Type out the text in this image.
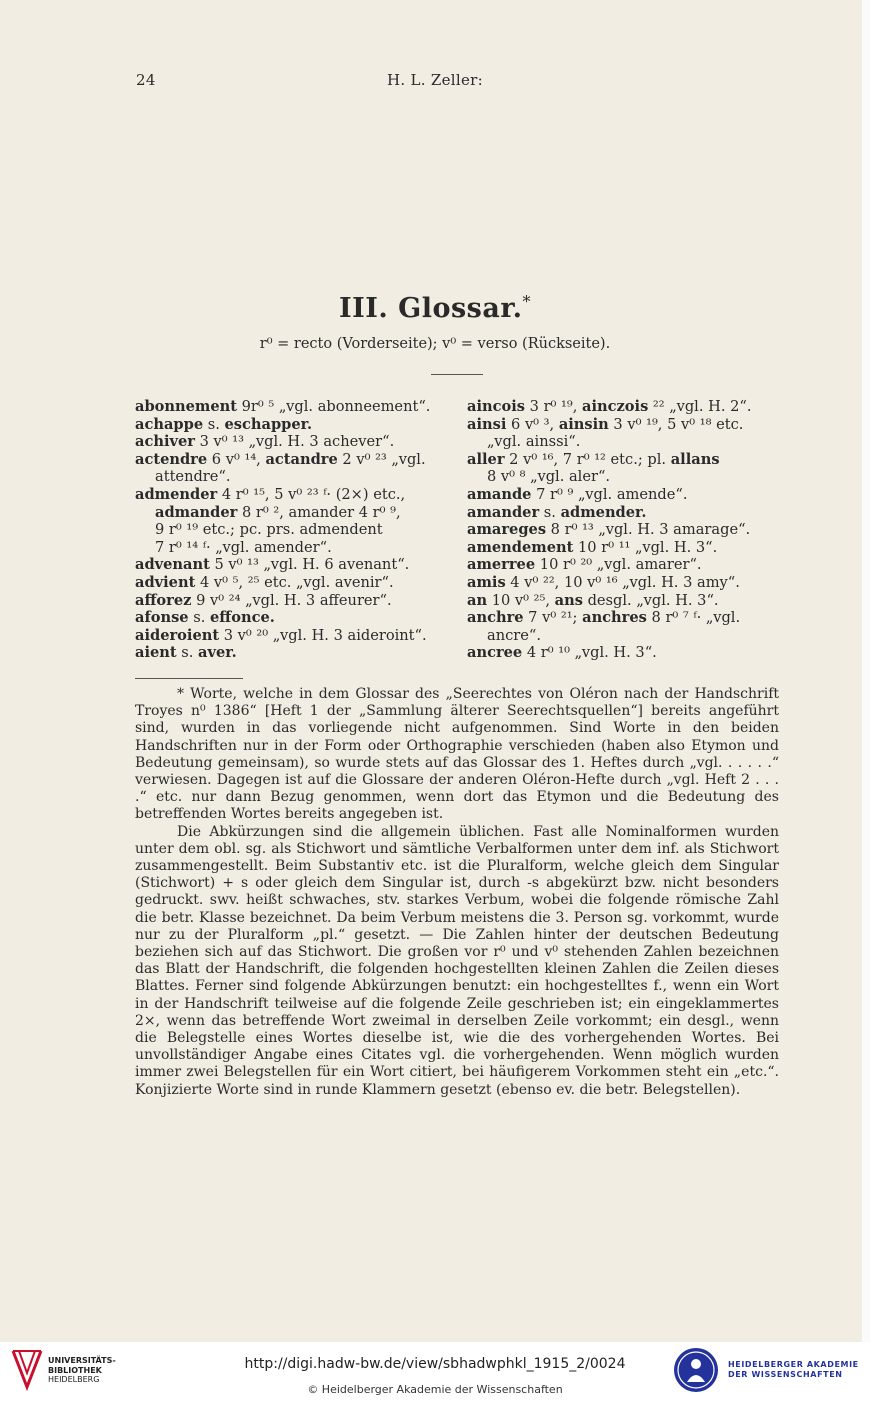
24	H. L. Zeller:
III. Glossar.*
r⁰ = recto (Vorderseite); v⁰ = verso (Rückseite).
abonnement 9r⁰ ⁵ „vgl. abonneement“.
achappe s. eschapper.
achiver 3 v⁰ ¹³ „vgl. H. 3 achever“.
actendre 6 v⁰ ¹⁴, actandre 2 v⁰ ²³ „vgl.
attendre“.
admender 4 r⁰ ¹⁵, 5 v⁰ ²³ ᶠ· (2×) etc.,
admander 8 r⁰ ², amander 4 r⁰ ⁹,
9 r⁰ ¹⁹ etc.; pc. prs. admendent
7 r⁰ ¹⁴ ᶠ· „vgl. amender“.
advenant 5 v⁰ ¹³ „vgl. H. 6 avenant“.
advient 4 v⁰ ⁵, ²⁵ etc. „vgl. avenir“.
afforez 9 v⁰ ²⁴ „vgl. H. 3 affeurer“.
afonse s. effonce.
aideroient 3 v⁰ ²⁰ „vgl. H. 3 aideroint“.
aient s. aver.
aincois 3 r⁰ ¹⁹, ainczois ²² „vgl. H. 2“.
ainsi 6 v⁰ ³, ainsin 3 v⁰ ¹⁹, 5 v⁰ ¹⁸ etc.
„vgl. ainssi“.
aller 2 v⁰ ¹⁶, 7 r⁰ ¹² etc.; pl. allans
8 v⁰ ⁸ „vgl. aler“.
amande 7 r⁰ ⁹ „vgl. amende“.
amander s. admender.
amareges 8 r⁰ ¹³ „vgl. H. 3 amarage“.
amendement 10 r⁰ ¹¹ „vgl. H. 3“.
amerree 10 r⁰ ²⁰ „vgl. amarer“.
amis 4 v⁰ ²², 10 v⁰ ¹⁶ „vgl. H. 3 amy“.
an 10 v⁰ ²⁵, ans desgl. „vgl. H. 3“.
anchre 7 v⁰ ²¹; anchres 8 r⁰ ⁷ ᶠ· „vgl.
ancre“.
ancree 4 r⁰ ¹⁰ „vgl. H. 3“.

* Worte, welche in dem Glossar des „Seerechtes von Oléron nach der Handschrift Troyes n⁰ 1386“ [Heft 1 der „Sammlung älterer Seerechtsquellen“] bereits angeführt sind, wurden in das vorliegende nicht aufgenommen. Sind Worte in den beiden Handschriften nur in der Form oder Orthographie verschieden (haben also Etymon und Bedeutung gemeinsam), so wurde stets auf das Glossar des 1. Heftes durch „vgl. . . . . .“ verwiesen. Dagegen ist auf die Glossare der anderen Oléron-Hefte durch „vgl. Heft 2 . . . .“ etc. nur dann Bezug genommen, wenn dort das Etymon und die Bedeutung des betreffenden Wortes bereits angegeben ist.

Die Abkürzungen sind die allgemein üblichen. Fast alle Nominalformen wurden unter dem obl. sg. als Stichwort und sämtliche Verbalformen unter dem inf. als Stichwort zusammengestellt. Beim Substantiv etc. ist die Pluralform, welche gleich dem Singular (Stichwort) + s oder gleich dem Singular ist, durch -s abgekürzt bzw. nicht besonders gedruckt. swv. heißt schwaches, stv. starkes Verbum, wobei die folgende römische Zahl die betr. Klasse bezeichnet. Da beim Verbum meistens die 3. Person sg. vorkommt, wurde nur zu der Pluralform „pl.“ gesetzt. — Die Zahlen hinter der deutschen Bedeutung beziehen sich auf das Stichwort. Die großen vor r⁰ und v⁰ stehenden Zahlen bezeichnen das Blatt der Handschrift, die folgenden hochgestellten kleinen Zahlen die Zeilen dieses Blattes. Ferner sind folgende Abkürzungen benutzt: ein hochgestelltes f., wenn ein Wort in der Handschrift teilweise auf die folgende Zeile geschrieben ist; ein eingeklammertes 2×, wenn das betreffende Wort zweimal in derselben Zeile vorkommt; ein desgl., wenn die Belegstelle eines Wortes dieselbe ist, wie die des vorhergehenden Wortes. Bei unvollständiger Angabe eines Citates vgl. die vorhergehenden. Wenn möglich wurden immer zwei Belegstellen für ein Wort citiert, bei häufigerem Vorkommen steht ein „etc.“. Konjizierte Worte sind in runde Klammern gesetzt (ebenso ev. die betr. Belegstellen).

UNIVERSITÄTS-
BIBLIOTHEK
HEIDELBERG
http://digi.hadw-bw.de/view/sbhadwphkl_1915_2/0024
© Heidelberger Akademie der Wissenschaften
HEIDELBERGER AKADEMIE
DER WISSENSCHAFTEN
